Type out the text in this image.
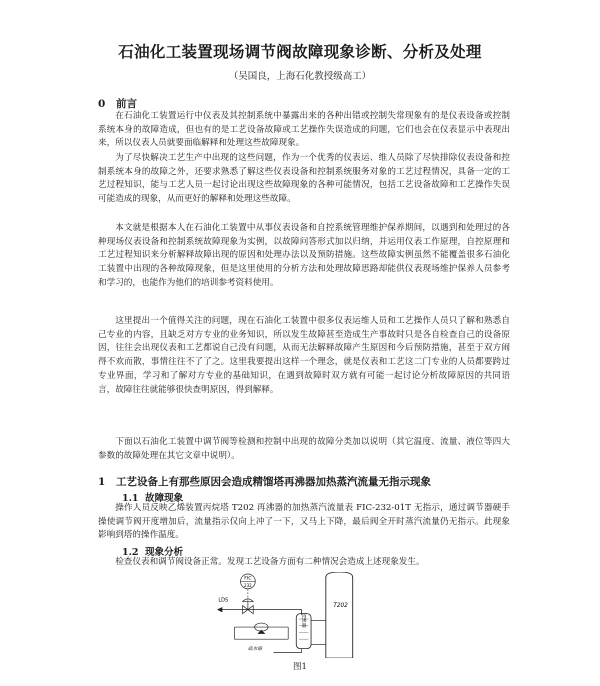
石油化工装置现场调节阀故障现象诊断、分析及处理
（吴国良，上海石化教授级高工）
0 前言

在石油化工装置运行中仪表及其控制系统中暴露出来的各种出错或控制失常现象有的是仪表设备或控制系统本身的故障造成，但也有的是工艺设备故障或工艺操作失误造成的问题，它们也会在仪表显示中表现出来，所以仪表人员就要面临解释和处理这些故障现象。

为了尽快解决工艺生产中出现的这些问题，作为一个优秀的仪表运、维人员除了尽快排除仪表设备和控制系统本身的故障之外，还要求熟悉了解这些仪表设备和控制系统服务对象的工艺过程情况，具备一定的工艺过程知识，能与工艺人员一起讨论出现这些故障现象的各种可能情况，包括工艺设备故障和工艺操作失误可能造成的现象，从而更好的解释和处理这些故障。

本文就是根据本人在石油化工装置中从事仪表设备和自控系统管理维护保养期间，以遇到和处理过的各种现场仪表设备和控制系统故障现象为实例，以故障问答形式加以归纳，并运用仪表工作原理，自控原理和工艺过程知识来分析解释故障出现的原因和处理办法以及预防措施。这些故障实例虽然不能覆盖很多石油化工装置中出现的各种故障现象，但是这里使用的分析方法和处理故障思路却能供仪表现场维护保养人员参考和学习的，也能作为他们的培训参考资料使用。

这里提出一个值得关注的问题，现在石油化工装置中很多仪表运维人员和工艺操作人员只了解和熟悉自己专业的内容，且缺乏对方专业的业务知识，所以发生故障甚至造成生产事故时只是各自检查自己的设备原因，往往会出现仪表和工艺都说自己没有问题，从而无法解释故障产生原因和今后预防措施，甚至于双方闹得不欢而散，事情往往不了了之。这里我要提出这样一个理念，就是仪表和工艺这二门专业的人员都要跨过专业界面，学习和了解对方专业的基础知识，在遇到故障时双方就有可能一起讨论分析故障原因的共同语言，故障往往就能够很快查明原因，得到解释。

下面以石油化工装置中调节阀等检测和控制中出现的故障分类加以说明（其它温度、流量、液位等四大参数的故障处理在其它文章中说明）。

1 工艺设备上有那些原因会造成精馏塔再沸器加热蒸汽流量无指示现象
1.1 故障现象

操作人员反映乙烯装置丙烷塔 T202 再沸器的加热蒸汽流量表 FIC-232-01T 无指示，通过调节器硬手操使调节阀开度增加后，流量指示仅向上冲了一下，又马上下降，最后阀全开时蒸汽流量仍无指示。此现象影响到塔的操作温度。

1.2 现象分析

检查仪表和调节阀设备正常。发现工艺设备方面有二种情况会造成上述现象发生。

FIC
232
LDS
再沸器
T202
疏水器
图1
